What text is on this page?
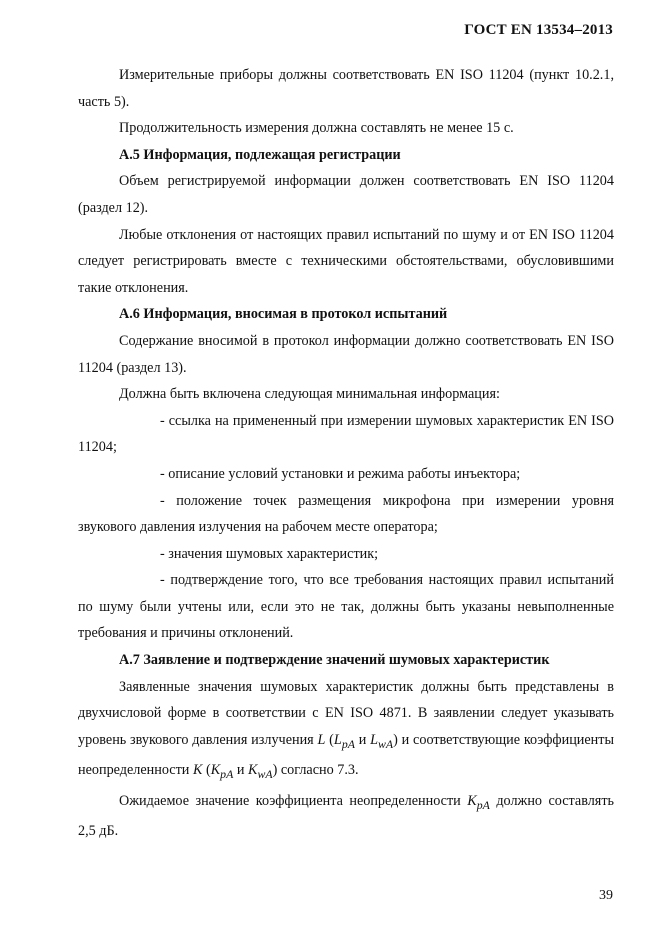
ГОСТ EN 13534–2013

Измерительные приборы должны соответствовать EN ISO 11204 (пункт 10.2.1, часть 5).

Продолжительность измерения должна составлять не менее 15 с.

А.5 Информация, подлежащая регистрации

Объем регистрируемой информации должен соответствовать EN ISO 11204 (раздел 12).

Любые отклонения от настоящих правил испытаний по шуму и от EN ISO 11204 следует регистрировать вместе с техническими обстоятельствами, обусловившими такие отклонения.

А.6 Информация, вносимая в протокол испытаний

Содержание вносимой в протокол информации должно соответствовать EN ISO 11204 (раздел 13).

Должна быть включена следующая минимальная информация:

- ссылка на примененный при измерении шумовых характеристик EN ISO 11204;

- описание условий установки и режима работы инъектора;

- положение точек размещения микрофона при измерении уровня звукового давления излучения на рабочем месте оператора;

- значения шумовых характеристик;

- подтверждение того, что все требования настоящих правил испытаний по шуму были учтены или, если это не так, должны быть указаны невыполненные требования и причины отклонений.

А.7 Заявление и подтверждение значений шумовых характеристик

Заявленные значения шумовых характеристик должны быть представлены в двухчисловой форме в соответствии с EN ISO 4871. В заявлении следует указывать уровень звукового давления излучения L ($L_{pA}$ и $L_{wA}$) и соответствующие коэффициенты неопределенности K ($K_{pA}$ и $K_{wA}$) согласно 7.3.

Ожидаемое значение коэффициента неопределенности $K_{pA}$ должно составлять 2,5 дБ.

39
